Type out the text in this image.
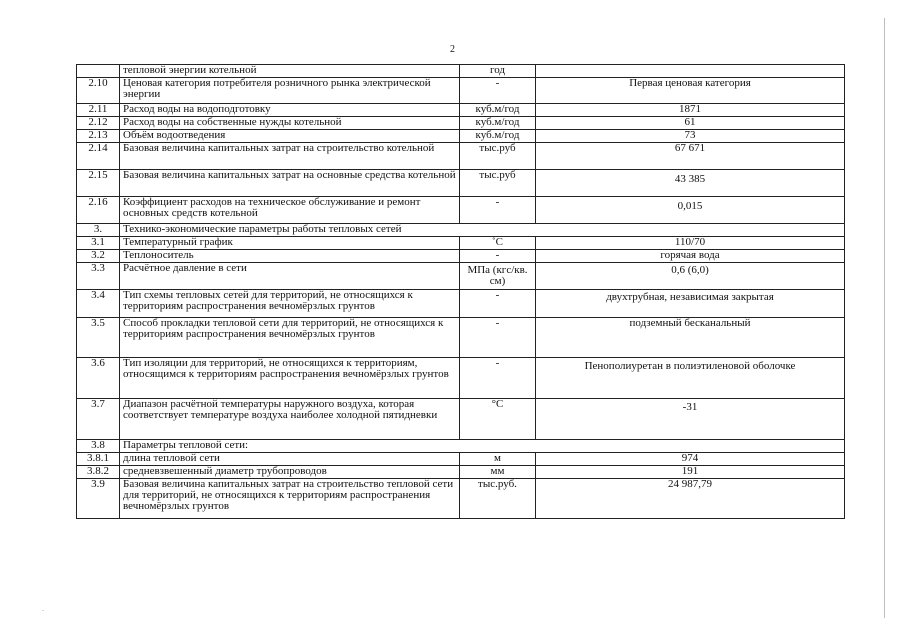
2
.
	тепловой энергии котельной	год	
2.10	Ценовая категория потребителя розничного рынка электрической энергии	-	Первая ценовая категория
2.11	Расход воды на водоподготовку	куб.м/год	1871
2.12	Расход воды на собственные нужды котельной	куб.м/год	61
2.13	Объём водоотведения	куб.м/год	73
2.14	Базовая величина капитальных затрат на строительство котельной	тыс.руб	67 671
2.15	Базовая величина капитальных затрат на основные средства котельной	тыс.руб	43 385
2.16	Коэффициент расходов на техническое обслуживание и ремонт основных средств котельной	-	0,015
3.	Технико-экономические параметры работы тепловых сетей		
3.1	Температурный график	˚С	110/70
3.2	Теплоноситель	-	горячая вода
3.3	Расчётное давление в сети	МПа (кгс/кв. см)	0,6 (6,0)
3.4	Тип схемы тепловых сетей для территорий, не относящихся к территориям распространения вечномёрзлых грунтов	-	двухтрубная, независимая закрытая
3.5	Способ прокладки тепловой сети для территорий, не относящихся к территориям распространения вечномёрзлых грунтов	-	подземный бесканальный
3.6	Тип изоляции для территорий, не относящихся к территориям, относящимся к территориям распространения вечномёрзлых грунтов	-	Пенополиуретан в полиэтиленовой оболочке
3.7	Диапазон расчётной температуры наружного воздуха, которая соответствует температуре воздуха наиболее холодной пятидневки	°С	-31
3.8	Параметры тепловой сети:		
3.8.1	длина тепловой сети	м	974
3.8.2	средневзвешенный диаметр трубопроводов	мм	191
3.9	Базовая величина капитальных затрат на строительство тепловой сети для территорий, не относящихся к территориям распространения вечномёрзлых грунтов	тыс.руб.	24 987,79
